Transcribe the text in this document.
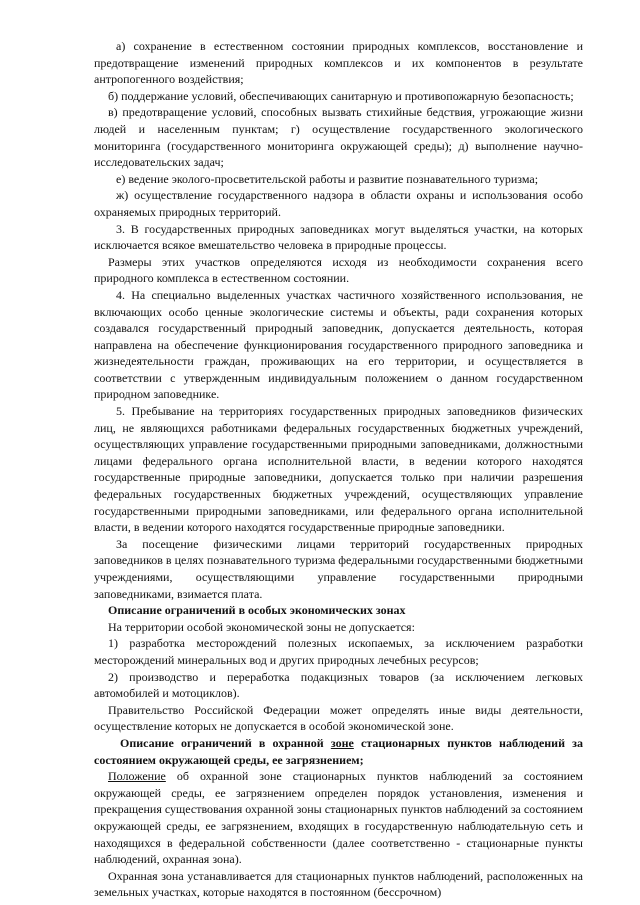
а) сохранение в естественном состоянии природных комплексов, восстановление и предотвращение изменений природных комплексов и их компонентов в результате антропогенного воздействия;

б) поддержание условий, обеспечивающих санитарную и противопожарную безопасность;

в) предотвращение условий, способных вызвать стихийные бедствия, угрожающие жизни людей и населенным пунктам; г) осуществление государственного экологического мониторинга (государственного мониторинга окружающей среды); д) выполнение научно-исследовательских задач;

е) ведение эколого-просветительской работы и развитие познавательного туризма;

ж) осуществление государственного надзора в области охраны и использования особо охраняемых природных территорий.

3. В государственных природных заповедниках могут выделяться участки, на которых исключается всякое вмешательство человека в природные процессы.

Размеры этих участков определяются исходя из необходимости сохранения всего природного комплекса в естественном состоянии.

4. На специально выделенных участках частичного хозяйственного использования, не включающих особо ценные экологические системы и объекты, ради сохранения которых создавался государственный природный заповедник, допускается деятельность, которая направлена на обеспечение функционирования государственного природного заповедника и жизнедеятельности граждан, проживающих на его территории, и осуществляется в соответствии с утвержденным индивидуальным положением о данном государственном природном заповеднике.

5. Пребывание на территориях государственных природных заповедников физических лиц, не являющихся работниками федеральных государственных бюджетных учреждений, осуществляющих управление государственными природными заповедниками, должностными лицами федерального органа исполнительной власти, в ведении которого находятся государственные природные заповедники, допускается только при наличии разрешения федеральных государственных бюджетных учреждений, осуществляющих управление государственными природными заповедниками, или федерального органа исполнительной власти, в ведении которого находятся государственные природные заповедники.

За посещение физическими лицами территорий государственных природных заповедников в целях познавательного туризма федеральными государственными бюджетными учреждениями, осуществляющими управление государственными природными заповедниками, взимается плата.

Описание ограничений в особых экономических зонах

На территории особой экономической зоны не допускается:

1) разработка месторождений полезных ископаемых, за исключением разработки месторождений минеральных вод и других природных лечебных ресурсов;

2) производство и переработка подакцизных товаров (за исключением легковых автомобилей и мотоциклов).

Правительство Российской Федерации может определять иные виды деятельности, осуществление которых не допускается в особой экономической зоне.

Описание ограничений в охранной зоне стационарных пунктов наблюдений за состоянием окружающей среды, ее загрязнением;

Положение об охранной зоне стационарных пунктов наблюдений за состоянием окружающей среды, ее загрязнением определен порядок установления, изменения и прекращения существования охранной зоны стационарных пунктов наблюдений за состоянием окружающей среды, ее загрязнением, входящих в государственную наблюдательную сеть и находящихся в федеральной собственности (далее соответственно - стационарные пункты наблюдений, охранная зона).

Охранная зона устанавливается для стационарных пунктов наблюдений, расположенных на земельных участках, которые находятся в постоянном (бессрочном)
